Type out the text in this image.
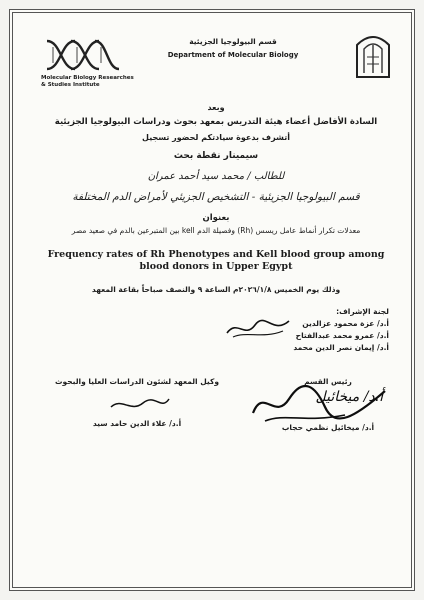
Molecular Biology Researches
& Studies Institute
قسم البيولوجيا الجزيئية
Department of Molecular Biology
وبعد
السادة الأفاضل أعضاء هيئة التدريس بمعهد بحوث ودراسات البيولوجيا الجزيئية
أتشرف بدعوة سيادتكم لحضور تسجيل
سيمينار نقطة بحث
للطالب / محمد سيد أحمد عمران
قسم البيولوجيا الجزيئية - التشخيص الجزيئي لأمراض الدم المختلفة
بعنوان
معدلات تكرار أنماط عامل ريسس (Rh) وفصيلة الدم kell بين المتبرعين بالدم في صعيد مصر
Frequency rates of Rh Phenotypes and Kell blood group among blood donors in Upper Egypt
وذلك يوم الخميس ٢٠٢٦/١/٨م الساعة ٩ والنصف صباحاً بقاعة المعهد
لجنة الإشراف:
أ.د/ عزة محمود عزالدين
أ.د/ عمرو محمد عبدالفتاح
أ.د/ إيمان نصر الدين محمد
وكيل المعهد لشئون الدراسات العليا والبحوث
أ.د/ علاء الدين حامد سيد
رئيس القسم
أ.د/ ميخائيل
أ.د/ ميخائيل نظمي حجاب
